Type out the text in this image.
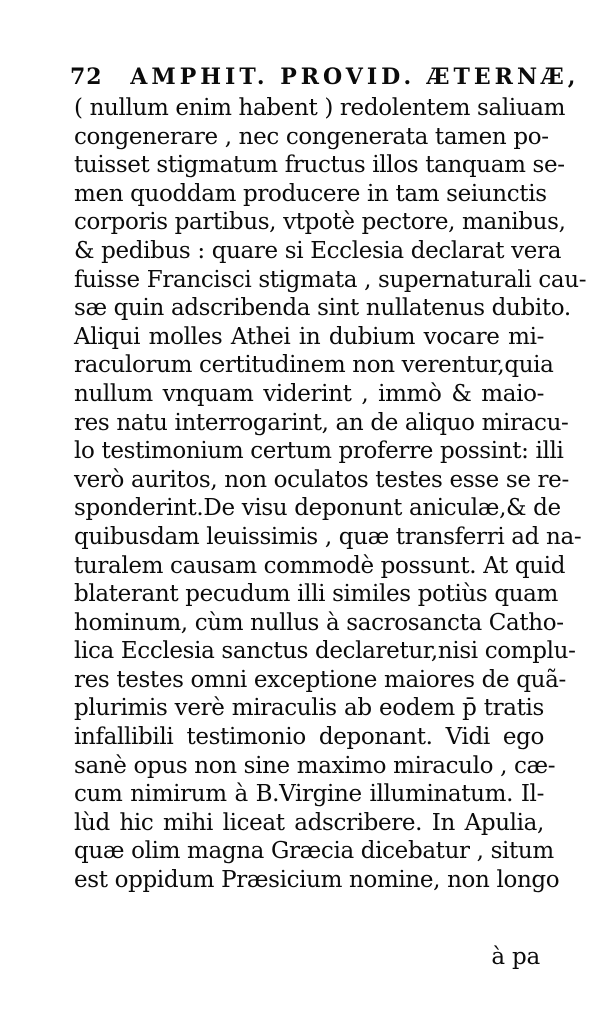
72 AMPHIT. PROVID. ÆTERNÆ,
( nullum enim habent ) redolentem saliuam
congenerare , nec congenerata tamen po-
tuisset stigmatum fructus illos tanquam se-
men quoddam producere in tam seiunctis
corporis partibus, vtpotè pectore, manibus,
& pedibus : quare si Ecclesia declarat vera
fuisse Francisci stigmata , supernaturali cau-
sæ quin adscribenda sint nullatenus dubito.
Aliqui molles Athei in dubium vocare mi-
raculorum certitudinem non verentur,quia
nullum vnquam viderint , immò & maio-
res natu interrogarint, an de aliquo miracu-
lo testimonium certum proferre possint: illi
verò auritos, non oculatos testes esse se re-
sponderint.De visu deponunt aniculæ,& de
quibusdam leuissimis , quæ transferri ad na-
turalem causam commodè possunt. At quid
blaterant pecudum illi similes potiùs quam
hominum, cùm nullus à sacrosancta Catho-
lica Ecclesia sanctus declaretur,nisi complu-
res testes omni exceptione maiores de quã-
plurimis verè miraculis ab eodem p̄ tratis
infallibili testimonio deponant. Vidi ego
sanè opus non sine maximo miraculo , cæ-
cum nimirum à B.Virgine illuminatum. Il-
lùd hic mihi liceat adscribere. In Apulia,
quæ olim magna Græcia dicebatur , situm
est oppidum Præsicium nomine, non longo
à pa
